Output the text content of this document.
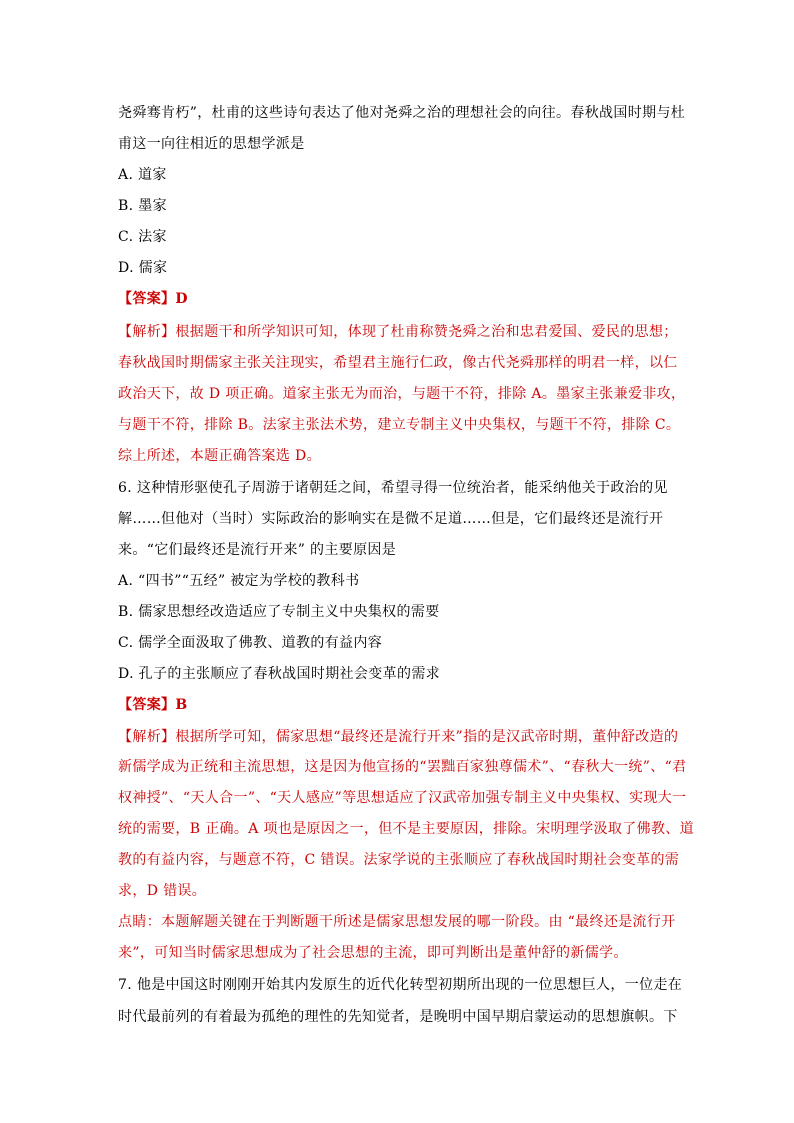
尧舜骞肯朽”，杜甫的这些诗句表达了他对尧舜之治的理想社会的向往。春秋战国时期与杜
甫这一向往相近的思想学派是
A. 道家
B. 墨家
C. 法家
D. 儒家
【答案】D
【解析】根据题干和所学知识可知，体现了杜甫称赞尧舜之治和忠君爱国、爱民的思想；
春秋战国时期儒家主张关注现实，希望君主施行仁政，像古代尧舜那样的明君一样，以仁
政治天下，故 D 项正确。道家主张无为而治，与题干不符，排除 A。墨家主张兼爱非攻，
与题干不符，排除 B。法家主张法术势，建立专制主义中央集权，与题干不符，排除 C。
综上所述，本题正确答案选 D。
6. 这种情形驱使孔子周游于诸朝廷之间，希望寻得一位统治者，能采纳他关于政治的见
解……但他对（当时）实际政治的影响实在是微不足道……但是，它们最终还是流行开
来。“它们最终还是流行开来” 的主要原因是
A. “四书”“五经” 被定为学校的教科书
B. 儒家思想经改造适应了专制主义中央集权的需要
C. 儒学全面汲取了佛教、道教的有益内容
D. 孔子的主张顺应了春秋战国时期社会变革的需求
【答案】B
【解析】根据所学可知，儒家思想“最终还是流行开来”指的是汉武帝时期，董仲舒改造的
新儒学成为正统和主流思想，这是因为他宣扬的“罢黜百家独尊儒术”、“春秋大一统”、“君
权神授”、“天人合一”、“天人感应”等思想适应了汉武帝加强专制主义中央集权、实现大一
统的需要，B 正确。A 项也是原因之一，但不是主要原因，排除。宋明理学汲取了佛教、道
教的有益内容，与题意不符，C 错误。法家学说的主张顺应了春秋战国时期社会变革的需
求，D 错误。
点睛：本题解题关键在于判断题干所述是儒家思想发展的哪一阶段。由 “最终还是流行开
来”，可知当时儒家思想成为了社会思想的主流，即可判断出是董仲舒的新儒学。
7. 他是中国这时刚刚开始其内发原生的近代化转型初期所出现的一位思想巨人，一位走在
时代最前列的有着最为孤绝的理性的先知觉者，是晚明中国早期启蒙运动的思想旗帜。下
